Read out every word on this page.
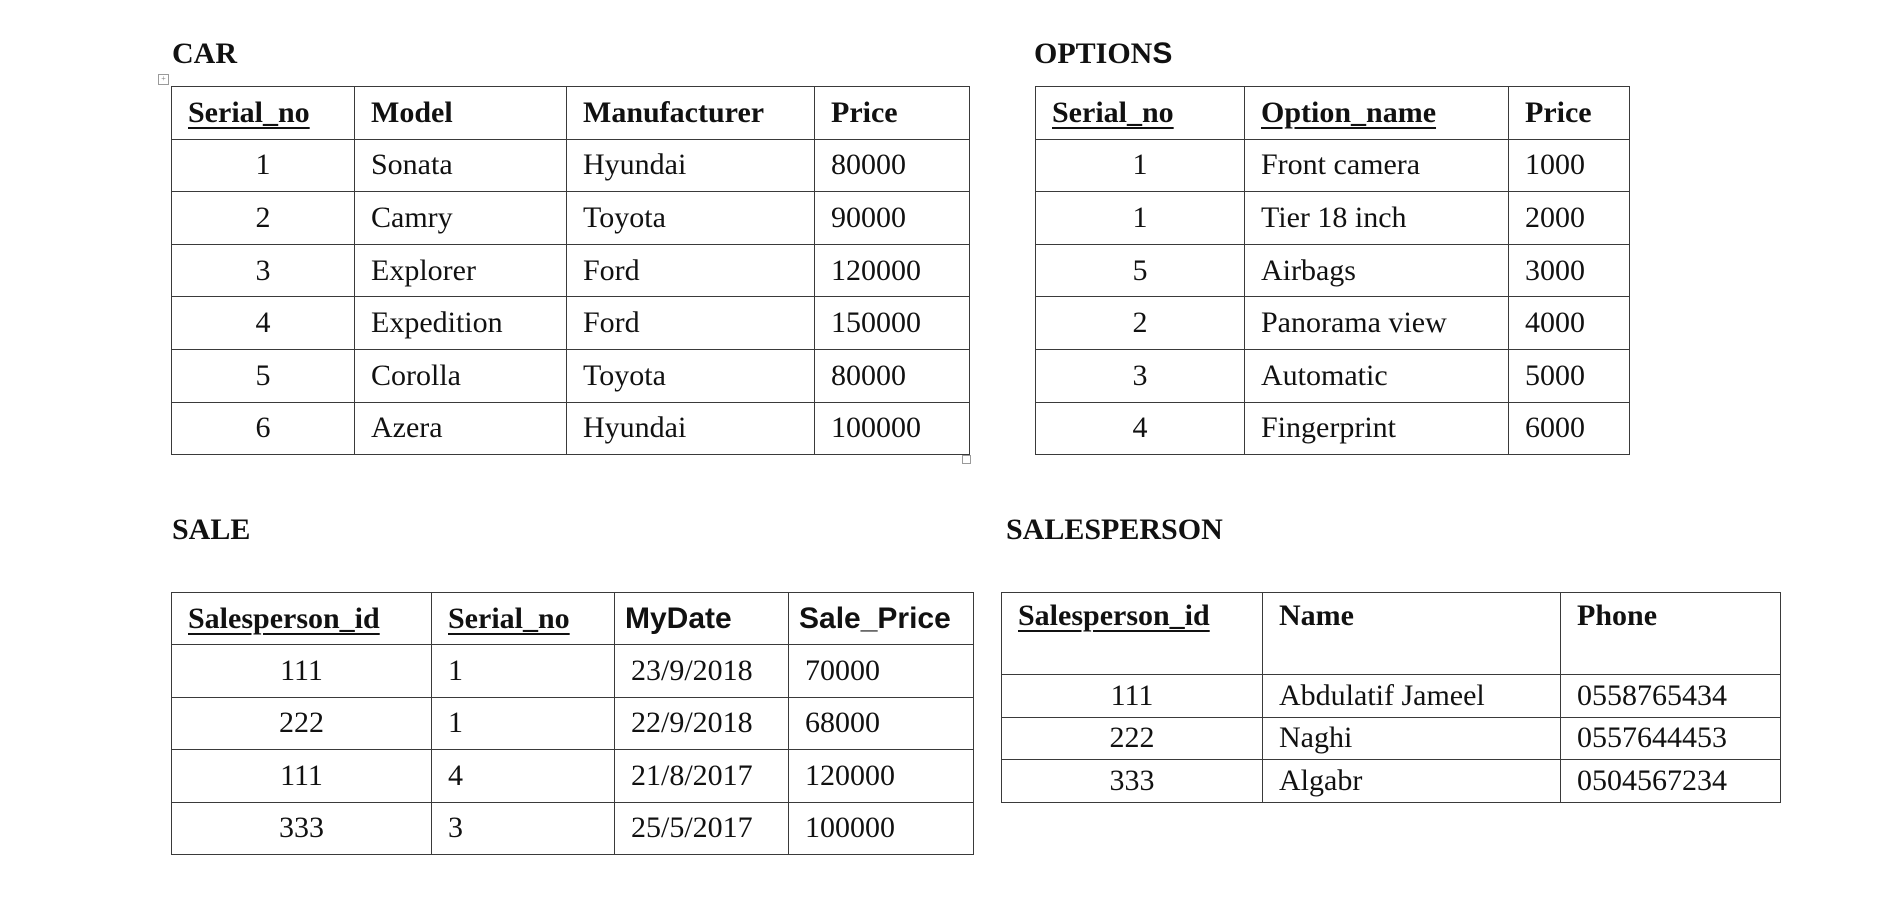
+
CAR
Serial_no	Model	Manufacturer	Price
1	Sonata	Hyundai	80000
2	Camry	Toyota	90000
3	Explorer	Ford	120000
4	Expedition	Ford	150000
5	Corolla	Toyota	80000
6	Azera	Hyundai	100000
OPTIONS
Serial_no	Option_name	Price
1	Front camera	1000
1	Tier 18 inch	2000
5	Airbags	3000
2	Panorama view	4000
3	Automatic	5000
4	Fingerprint	6000
SALE
Salesperson_id	Serial_no	MyDate	Sale_Price
111	1	23/9/2018	70000
222	1	22/9/2018	68000
111	4	21/8/2017	120000
333	3	25/5/2017	100000
SALESPERSON
Salesperson_id	Name	Phone
111	Abdulatif Jameel	0558765434
222	Naghi	0557644453
333	Algabr	0504567234
